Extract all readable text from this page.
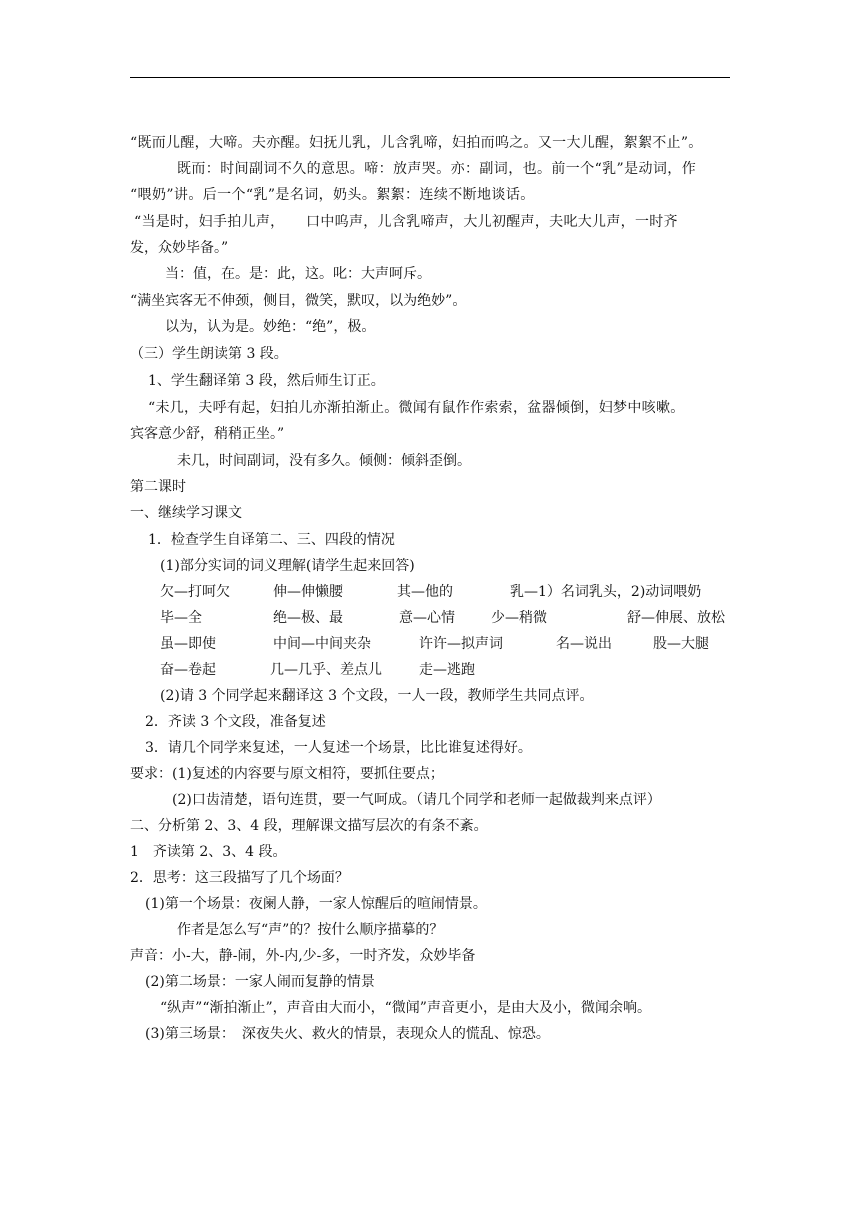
“既而儿醒，大啼。夫亦醒。妇抚儿乳，儿含乳啼，妇拍而呜之。又一大儿醒，絮絮不止”。
既而：时间副词不久的意思。啼：放声哭。亦：副词，也。前一个“乳”是动词，作
“喂奶”讲。后一个“乳”是名词，奶头。絮絮：连续不断地谈话。
“当是时，妇手拍儿声，　　口中呜声，儿含乳啼声，大儿初醒声，夫叱大儿声，一时齐
发，众妙毕备。”
当：值，在。是：此，这。叱：大声呵斥。
“满坐宾客无不伸颈，侧目，微笑，默叹，以为绝妙”。
以为，认为是。妙绝：“绝”，极。
（三）学生朗读第 3 段。
1、学生翻译第 3 段，然后师生订正。
“未几，夫呼有起，妇拍儿亦渐拍渐止。微闻有鼠作作索索，盆器倾倒，妇梦中咳嗽。
宾客意少舒，稍稍正坐。”
未几，时间副词，没有多久。倾侧：倾斜歪倒。
第二课时
一、继续学习课文
1．检查学生自译第二、三、四段的情况
(1)部分实词的词义理解(请学生起来回答)
欠—打呵欠	伸—伸懒腰	其—他的	乳—1）名词乳头，2)动词喂奶
毕—全	绝—极、最	意—心情	少—稍微	舒—伸展、放松
虽—即使	中间—中间夹杂	许许—拟声词	名—说出	股—大腿
奋—卷起	几—几乎、差点儿	走—逃跑
(2)请 3 个同学起来翻译这 3 个文段，一人一段，教师学生共同点评。
2．齐读 3 个文段，准备复述
3．请几个同学来复述，一人复述一个场景，比比谁复述得好。
要求：(1)复述的内容要与原文相符，要抓住要点；
(2)口齿清楚，语句连贯，要一气呵成。（请几个同学和老师一起做裁判来点评）
二、分析第 2、3、4 段，理解课文描写层次的有条不紊。
1　齐读第 2、3、4 段。
2．思考：这三段描写了几个场面？
(1)第一个场景：夜阑人静，一家人惊醒后的喧闹情景。
作者是怎么写“声”的？按什么顺序描摹的？
声音：小-大，静-闹，外-内,少-多，一时齐发，众妙毕备
(2)第二场景：一家人闹而复静的情景
“纵声”“渐拍渐止”，声音由大而小，“微闻”声音更小，是由大及小，微闻余响。
(3)第三场景：　深夜失火、救火的情景，表现众人的慌乱、惊恐。
